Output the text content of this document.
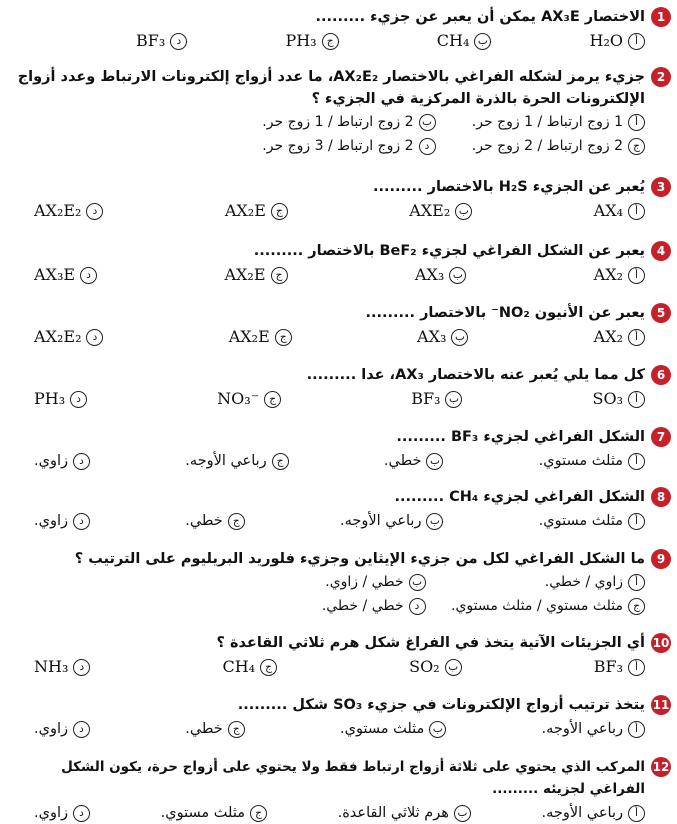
1
الاختصار AX₃E يمكن أن يعبر عن جزيء .........
أ
H₂O
ب
CH₄
ج
PH₃
د
BF₃
2
جزيء يرمز لشكله الفراغي بالاختصار AX₂E₂، ما عدد أزواج إلكترونات الارتباط وعدد أزواج الإلكترونات الحرة بالذرة المركزية في الجزيء ؟
أ
1 زوج ارتباط / 1 زوج حر.
ب
2 زوج ارتباط / 1 زوج حر.
ج
2 زوج ارتباط / 2 زوج حر.
د
2 زوج ارتباط / 3 زوج حر.
3
يُعبر عن الجزيء H₂S بالاختصار .........
أ
AX₄
ب
AXE₂
ج
AX₂E
د
AX₂E₂
4
يعبر عن الشكل الفراغي لجزيء BeF₂ بالاختصار .........
أ
AX₂
ب
AX₃
ج
AX₂E
د
AX₃E
5
يعبر عن الأنيون NO₂⁻ بالاختصار .........
أ
AX₂
ب
AX₃
ج
AX₂E
د
AX₂E₂
6
كل مما يلي يُعبر عنه بالاختصار AX₃، عدا .........
أ
SO₃
ب
BF₃
ج
NO₃⁻
د
PH₃
7
الشكل الفراغي لجزيء BF₃ .........
أ
مثلث مستوي.
ب
خطي.
ج
رباعي الأوجه.
د
زاوي.
8
الشكل الفراغي لجزيء CH₄ .........
أ
مثلث مستوي.
ب
رباعي الأوجه.
ج
خطي.
د
زاوي.
9
ما الشكل الفراغي لكل من جزيء الإيثاين وجزيء فلوريد البريليوم على الترتيب ؟
أ
زاوي / خطي.
ب
خطي / زاوي.
ج
مثلث مستوي / مثلث مستوي.
د
خطي / خطي.
10
أي الجزيئات الآتية يتخذ في الفراغ شكل هرم ثلاثي القاعدة ؟
أ
BF₃
ب
SO₂
ج
CH₄
د
NH₃
11
يتخذ ترتيب أزواج الإلكترونات في جزيء SO₃ شكل .........
أ
رباعي الأوجه.
ب
مثلث مستوي.
ج
خطي.
د
زاوي.
12
المركب الذي يحتوي على ثلاثة أزواج ارتباط فقط ولا يحتوي على أزواج حرة، يكون الشكل الفراغي لجزيئه .........
أ
رباعي الأوجه.
ب
هرم ثلاثي القاعدة.
ج
مثلث مستوي.
د
زاوي.
